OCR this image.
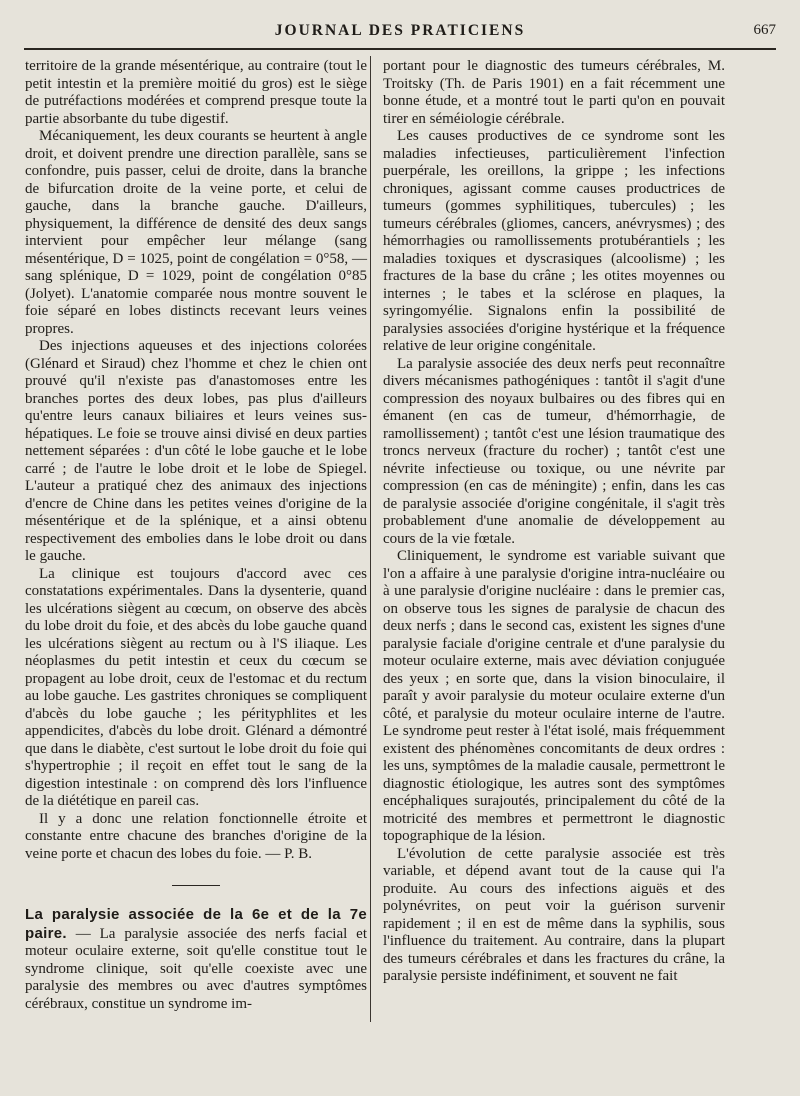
JOURNAL DES PRATICIENS	667

territoire de la grande mésentérique, au contraire (tout le petit intestin et la première moitié du gros) est le siège de putréfactions modérées et comprend presque toute la partie absorbante du tube digestif.

Mécaniquement, les deux courants se heurtent à angle droit, et doivent prendre une direction parallèle, sans se confondre, puis passer, celui de droite, dans la branche de bifurcation droite de la veine porte, et celui de gauche, dans la branche gauche. D'ailleurs, physiquement, la différence de densité des deux sangs intervient pour empêcher leur mélange (sang mésentérique, D = 1025, point de congélation = 0°58, — sang splénique, D = 1029, point de congélation 0°85 (Jolyet). L'anatomie comparée nous montre souvent le foie séparé en lobes distincts recevant leurs veines propres.

Des injections aqueuses et des injections colorées (Glénard et Siraud) chez l'homme et chez le chien ont prouvé qu'il n'existe pas d'anastomoses entre les branches portes des deux lobes, pas plus d'ailleurs qu'entre leurs canaux biliaires et leurs veines sus-hépatiques. Le foie se trouve ainsi divisé en deux parties nettement séparées : d'un côté le lobe gauche et le lobe carré ; de l'autre le lobe droit et le lobe de Spiegel. L'auteur a pratiqué chez des animaux des injections d'encre de Chine dans les petites veines d'origine de la mésentérique et de la splénique, et a ainsi obtenu respectivement des embolies dans le lobe droit ou dans le gauche.

La clinique est toujours d'accord avec ces constatations expérimentales. Dans la dysenterie, quand les ulcérations siègent au cœcum, on observe des abcès du lobe droit du foie, et des abcès du lobe gauche quand les ulcérations siègent au rectum ou à l'S iliaque. Les néoplasmes du petit intestin et ceux du cœcum se propagent au lobe droit, ceux de l'estomac et du rectum au lobe gauche. Les gastrites chroniques se compliquent d'abcès du lobe gauche ; les pérityphlites et les appendicites, d'abcès du lobe droit. Glénard a démontré que dans le diabète, c'est surtout le lobe droit du foie qui s'hypertrophie ; il reçoit en effet tout le sang de la digestion intestinale : on comprend dès lors l'influence de la diététique en pareil cas.

Il y a donc une relation fonctionnelle étroite et constante entre chacune des branches d'origine de la veine porte et chacun des lobes du foie. — P. B.

La paralysie associée de la 6e et de la 7e paire. — La paralysie associée des nerfs facial et moteur oculaire externe, soit qu'elle constitue tout le syndrome clinique, soit qu'elle coexiste avec une paralysie des membres ou avec d'autres symptômes cérébraux, constitue un syndrome im-

portant pour le diagnostic des tumeurs cérébrales, M. Troitsky (Th. de Paris 1901) en a fait récemment une bonne étude, et a montré tout le parti qu'on en pouvait tirer en séméiologie cérébrale.

Les causes productives de ce syndrome sont les maladies infectieuses, particulièrement l'infection puerpérale, les oreillons, la grippe ; les infections chroniques, agissant comme causes productrices de tumeurs (gommes syphilitiques, tubercules) ; les tumeurs cérébrales (gliomes, cancers, anévrysmes) ; des hémorrhagies ou ramollissements protubérantiels ; les maladies toxiques et dyscrasiques (alcoolisme) ; les fractures de la base du crâne ; les otites moyennes ou internes ; le tabes et la sclérose en plaques, la syringomyélie. Signalons enfin la possibilité de paralysies associées d'origine hystérique et la fréquence relative de leur origine congénitale.

La paralysie associée des deux nerfs peut reconnaître divers mécanismes pathogéniques : tantôt il s'agit d'une compression des noyaux bulbaires ou des fibres qui en émanent (en cas de tumeur, d'hémorrhagie, de ramollissement) ; tantôt c'est une lésion traumatique des troncs nerveux (fracture du rocher) ; tantôt c'est une névrite infectieuse ou toxique, ou une névrite par compression (en cas de méningite) ; enfin, dans les cas de paralysie associée d'origine congénitale, il s'agit très probablement d'une anomalie de développement au cours de la vie fœtale.

Cliniquement, le syndrome est variable suivant que l'on a affaire à une paralysie d'origine intra-nucléaire ou à une paralysie d'origine nucléaire : dans le premier cas, on observe tous les signes de paralysie de chacun des deux nerfs ; dans le second cas, existent les signes d'une paralysie faciale d'origine centrale et d'une paralysie du moteur oculaire externe, mais avec déviation conjuguée des yeux ; en sorte que, dans la vision binoculaire, il paraît y avoir paralysie du moteur oculaire externe d'un côté, et paralysie du moteur oculaire interne de l'autre. Le syndrome peut rester à l'état isolé, mais fréquemment existent des phénomènes concomitants de deux ordres : les uns, symptômes de la maladie causale, permettront le diagnostic étiologique, les autres sont des symptômes encéphaliques surajoutés, principalement du côté de la motricité des membres et permettront le diagnostic topographique de la lésion.

L'évolution de cette paralysie associée est très variable, et dépend avant tout de la cause qui l'a produite. Au cours des infections aiguës et des polynévrites, on peut voir la guérison survenir rapidement ; il en est de même dans la syphilis, sous l'influence du traitement. Au contraire, dans la plupart des tumeurs cérébrales et dans les fractures du crâne, la paralysie persiste indéfiniment, et souvent ne fait
